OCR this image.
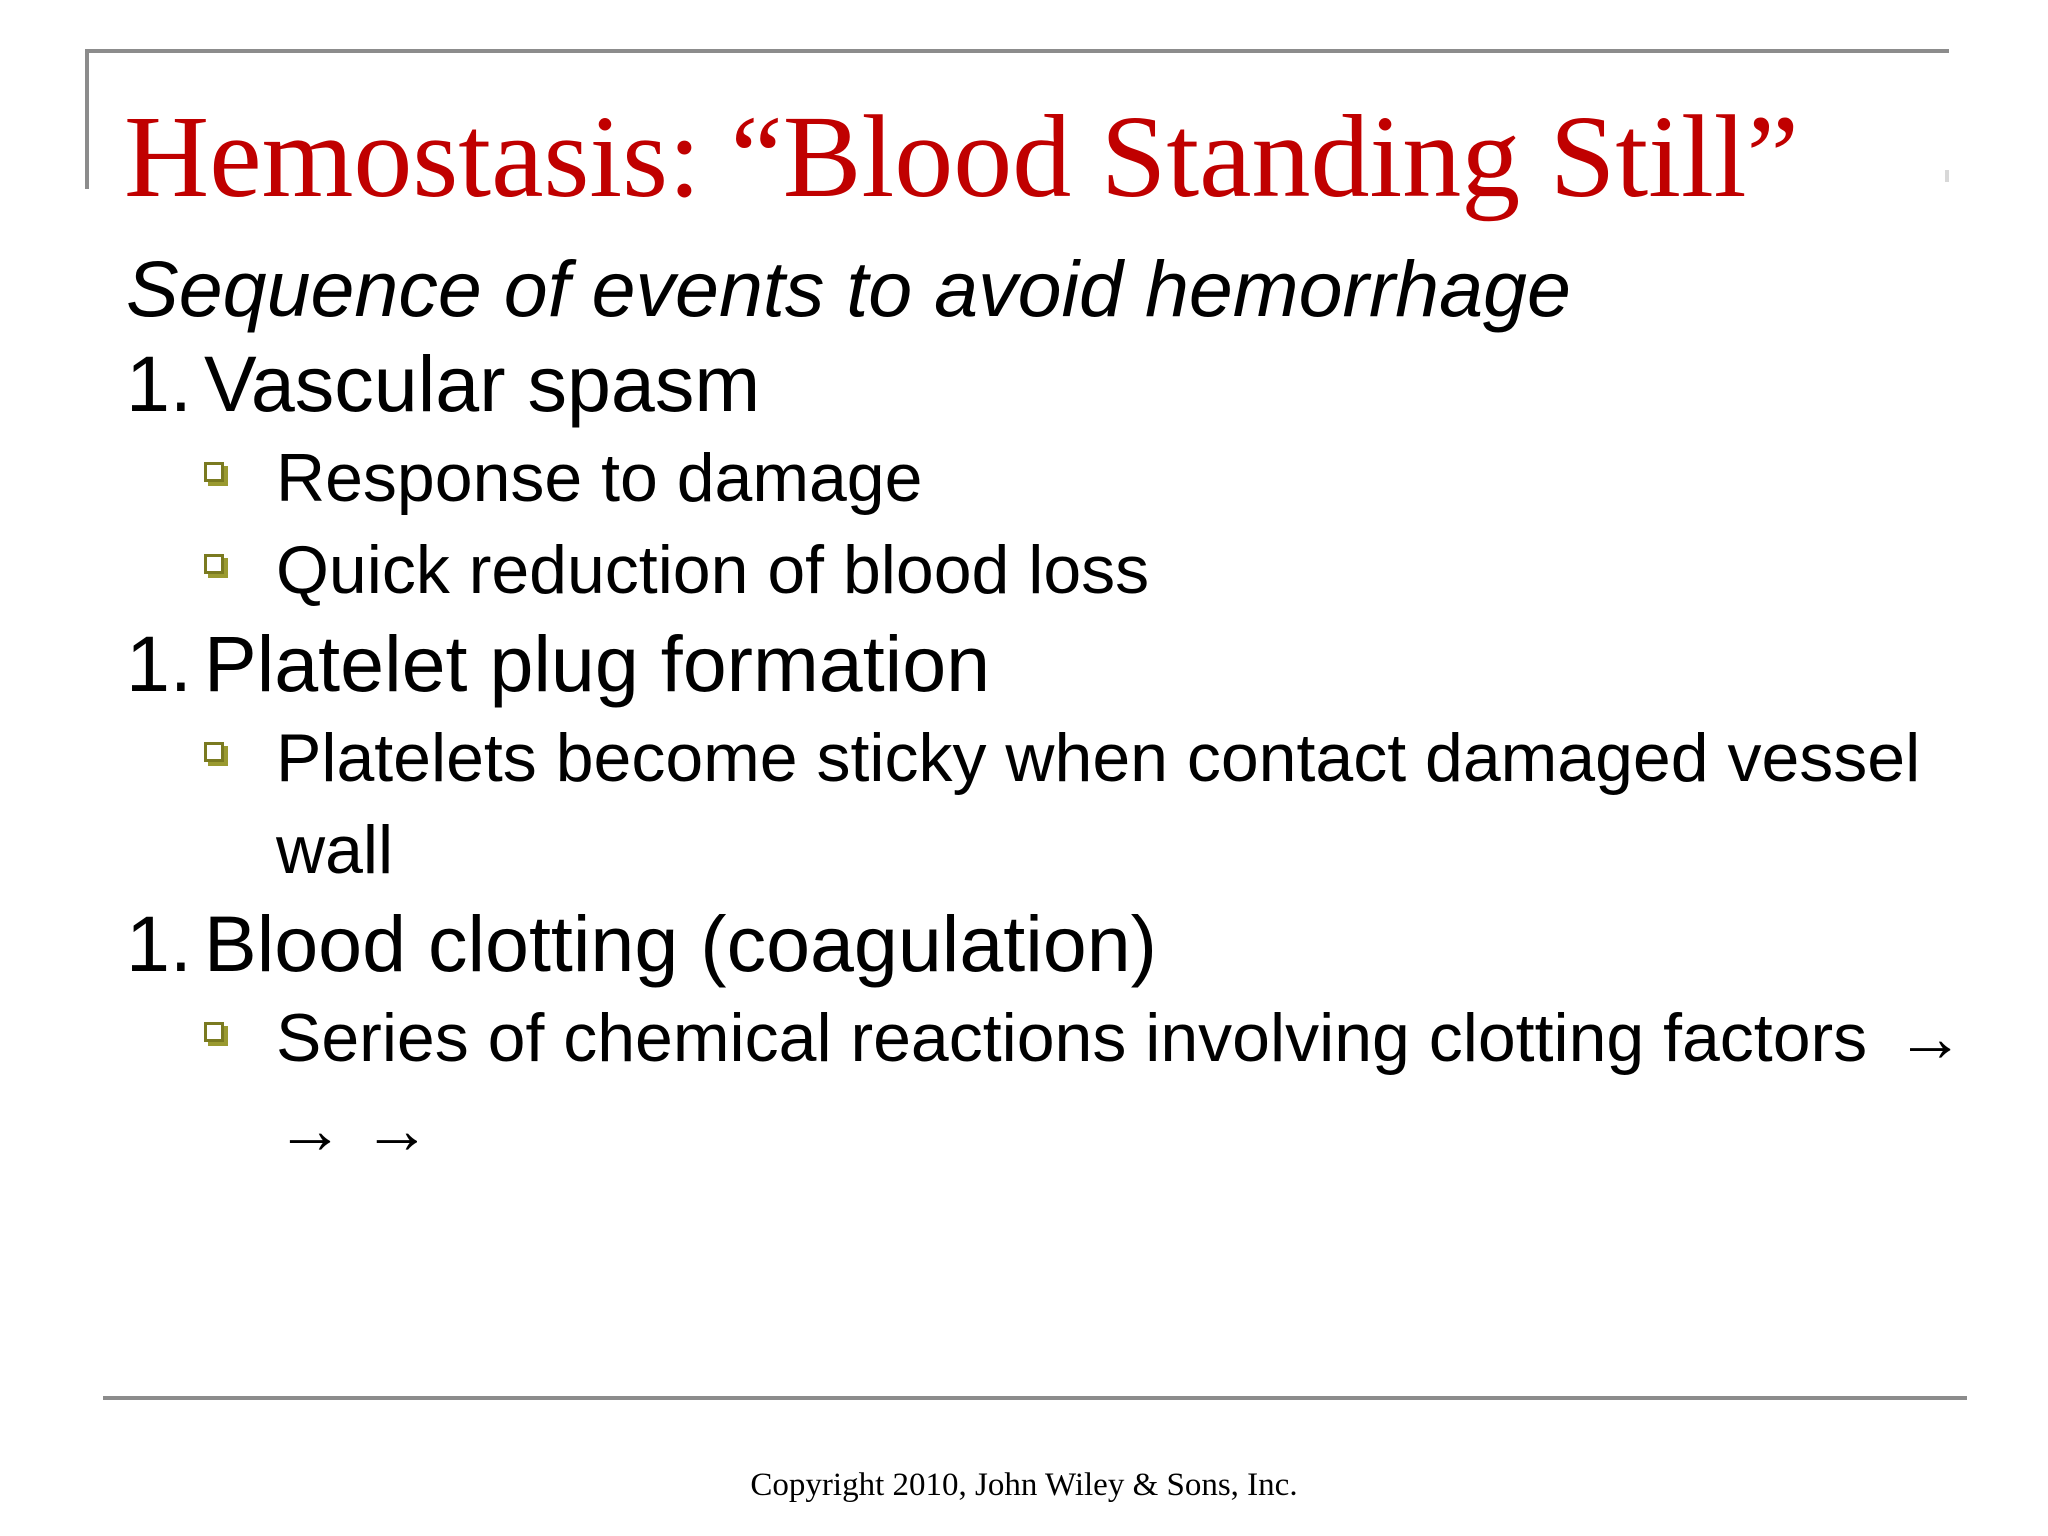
Hemostasis: “Blood Standing Still”
Sequence of events to avoid hemorrhage
1. Vascular spasm
Response to damage
Quick reduction of blood loss
1. Platelet plug formation
Platelets become sticky when contact damaged vessel wall
1. Blood clotting (coagulation)
Series of chemical reactions involving clotting factors → → →
Copyright 2010, John Wiley & Sons, Inc.
